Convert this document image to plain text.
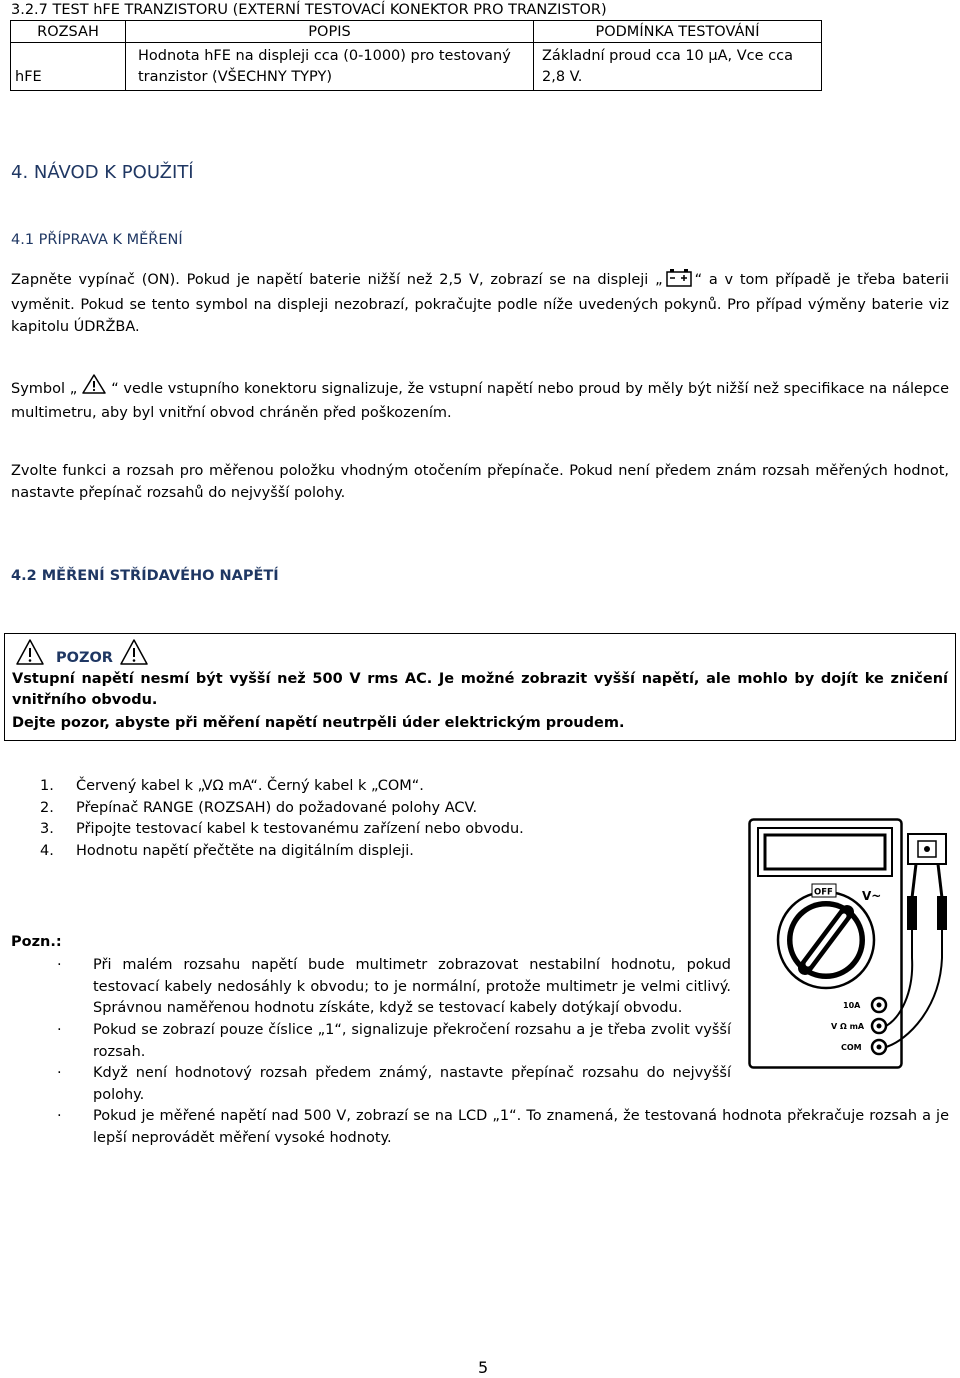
3.2.7 TEST hFE TRANZISTORU (EXTERNÍ TESTOVACÍ KONEKTOR PRO TRANZISTOR)
ROZSAH	POPIS	PODMÍNKA TESTOVÁNÍ
hFE	Hodnota hFE na displeji cca (0-1000) pro testovaný tranzistor (VŠECHNY TYPY)	Základní proud cca 10 µA, Vce cca 2,8 V.
4. NÁVOD K POUŽITÍ
4.1 PŘÍPRAVA K MĚŘENÍ
Zapněte vypínač (ON). Pokud je napětí baterie nižší než 2,5 V, zobrazí se na displeji „ “ a v tom případě je třeba baterii vyměnit. Pokud se tento symbol na displeji nezobrazí, pokračujte podle níže uvedených pokynů. Pro případ výměny baterie viz kapitolu ÚDRŽBA.
Symbol „ “ vedle vstupního konektoru signalizuje, že vstupní napětí nebo proud by měly být nižší než specifikace na nálepce multimetru, aby byl vnitřní obvod chráněn před poškozením.
Zvolte funkci a rozsah pro měřenou položku vhodným otočením přepínače. Pokud není předem znám rozsah měřených hodnot, nastavte přepínač rozsahů do nejvyšší polohy.
4.2 MĚŘENÍ STŘÍDAVÉHO NAPĚTÍ
POZOR
Vstupní napětí nesmí být vyšší než 500 V rms AC. Je možné zobrazit vyšší napětí, ale mohlo by dojít ke zničení vnitřního obvodu.
Dejte pozor, abyste při měření napětí neutrpěli úder elektrickým proudem.
1. Červený kabel k „VΩ mA“. Černý kabel k „COM“.
2. Přepínač RANGE (ROZSAH) do požadované polohy ACV.
3. Připojte testovací kabel k testovanému zařízení nebo obvodu.
4. Hodnotu napětí přečtěte na digitálním displeji.
OFF V~
10A
V Ω mA
COM
Pozn.:
· Při malém rozsahu napětí bude multimetr zobrazovat nestabilní hodnotu, pokud testovací kabely nedosáhly k obvodu; to je normální, protože multimetr je velmi citlivý. Správnou naměřenou hodnotu získáte, když se testovací kabely dotýkají obvodu.
· Pokud se zobrazí pouze číslice „1“, signalizuje překročení rozsahu a je třeba zvolit vyšší rozsah.
· Když není hodnotový rozsah předem známý, nastavte přepínač rozsahu do nejvyšší polohy.
· Pokud je měřené napětí nad 500 V, zobrazí se na LCD „1“. To znamená, že testovaná hodnota překračuje rozsah a je lepší neprovádět měření vysoké hodnoty.
5
